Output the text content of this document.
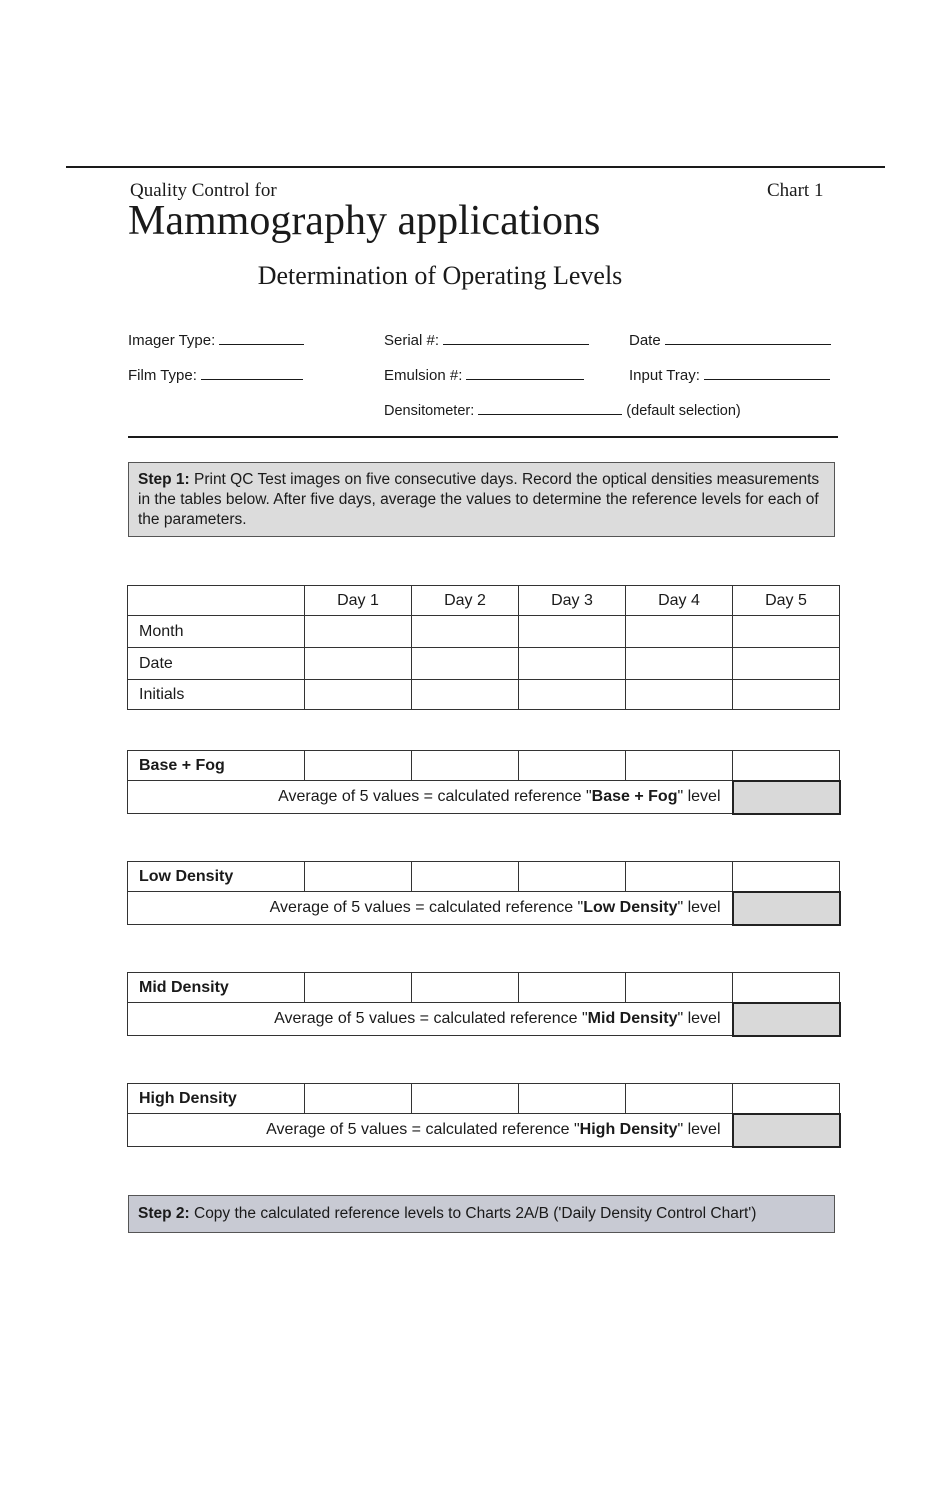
Quality Control for	Chart 1
Mammography applications
Determination of Operating Levels
Imager Type:	Serial #:	Date
Film Type:	Emulsion #:	Input Tray:
Densitometer:	(default selection)
Step 1: Print QC Test images on five consecutive days. Record the optical densities measurements in the tables below. After five days, average the values to determine the reference levels for each of the parameters.
	Day 1	Day 2	Day 3	Day 4	Day 5
Month					
Date					
Initials					
Base + Fog					
Average of 5 values = calculated reference "Base + Fog" level					
Low Density					
Average of 5 values = calculated reference "Low Density" level					
Mid Density					
Average of 5 values = calculated reference "Mid Density" level					
High Density					
Average of 5 values = calculated reference "High Density" level					
Step 2: Copy the calculated reference levels to Charts 2A/B ('Daily Density Control Chart')
